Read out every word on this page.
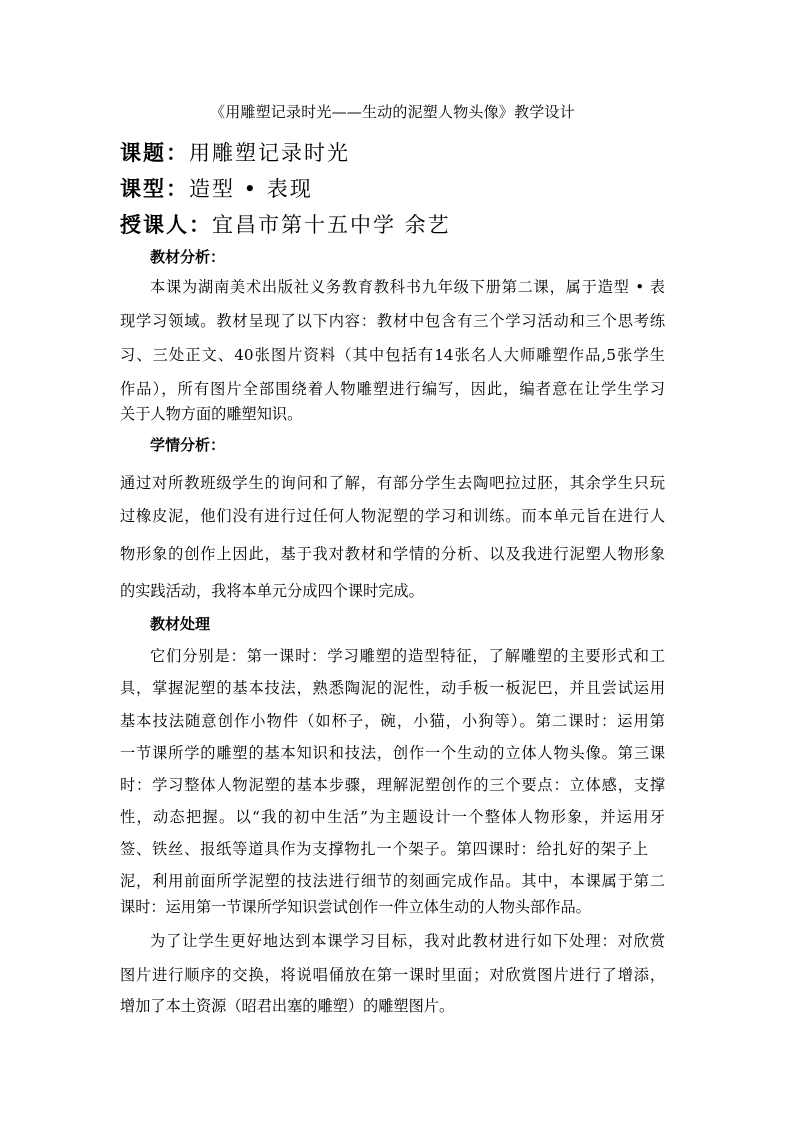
《用雕塑记录时光——生动的泥塑人物头像》教学设计

课题：用雕塑记录时光

课型：造型 • 表现

授课人：宜昌市第十五中学 余艺

教材分析：

本课为湖南美术出版社义务教育教科书九年级下册第二课，属于造型 • 表

现学习领域。教材呈现了以下内容：教材中包含有三个学习活动和三个思考练

习、三处正文、40张图片资料（其中包括有14张名人大师雕塑作品,5张学生

作品），所有图片全部围绕着人物雕塑进行编写，因此，编者意在让学生学习

关于人物方面的雕塑知识。

学情分析：

通过对所教班级学生的询问和了解，有部分学生去陶吧拉过胚，其余学生只玩

过橡皮泥，他们没有进行过任何人物泥塑的学习和训练。而本单元旨在进行人

物形象的创作上因此，基于我对教材和学情的分析、以及我进行泥塑人物形象

的实践活动，我将本单元分成四个课时完成。

教材处理

它们分别是：第一课时：学习雕塑的造型特征，了解雕塑的主要形式和工

具，掌握泥塑的基本技法，熟悉陶泥的泥性，动手板一板泥巴，并且尝试运用

基本技法随意创作小物件（如杯子，碗，小猫，小狗等）。第二课时：运用第

一节课所学的雕塑的基本知识和技法，创作一个生动的立体人物头像。第三课

时：学习整体人物泥塑的基本步骤，理解泥塑创作的三个要点：立体感，支撑

性，动态把握。以“我的初中生活”为主题设计一个整体人物形象，并运用牙

签、铁丝、报纸等道具作为支撑物扎一个架子。第四课时：给扎好的架子上

泥，利用前面所学泥塑的技法进行细节的刻画完成作品。其中，本课属于第二

课时：运用第一节课所学知识尝试创作一件立体生动的人物头部作品。

为了让学生更好地达到本课学习目标，我对此教材进行如下处理：对欣赏

图片进行顺序的交换，将说唱俑放在第一课时里面；对欣赏图片进行了增添，

增加了本土资源（昭君出塞的雕塑）的雕塑图片。
